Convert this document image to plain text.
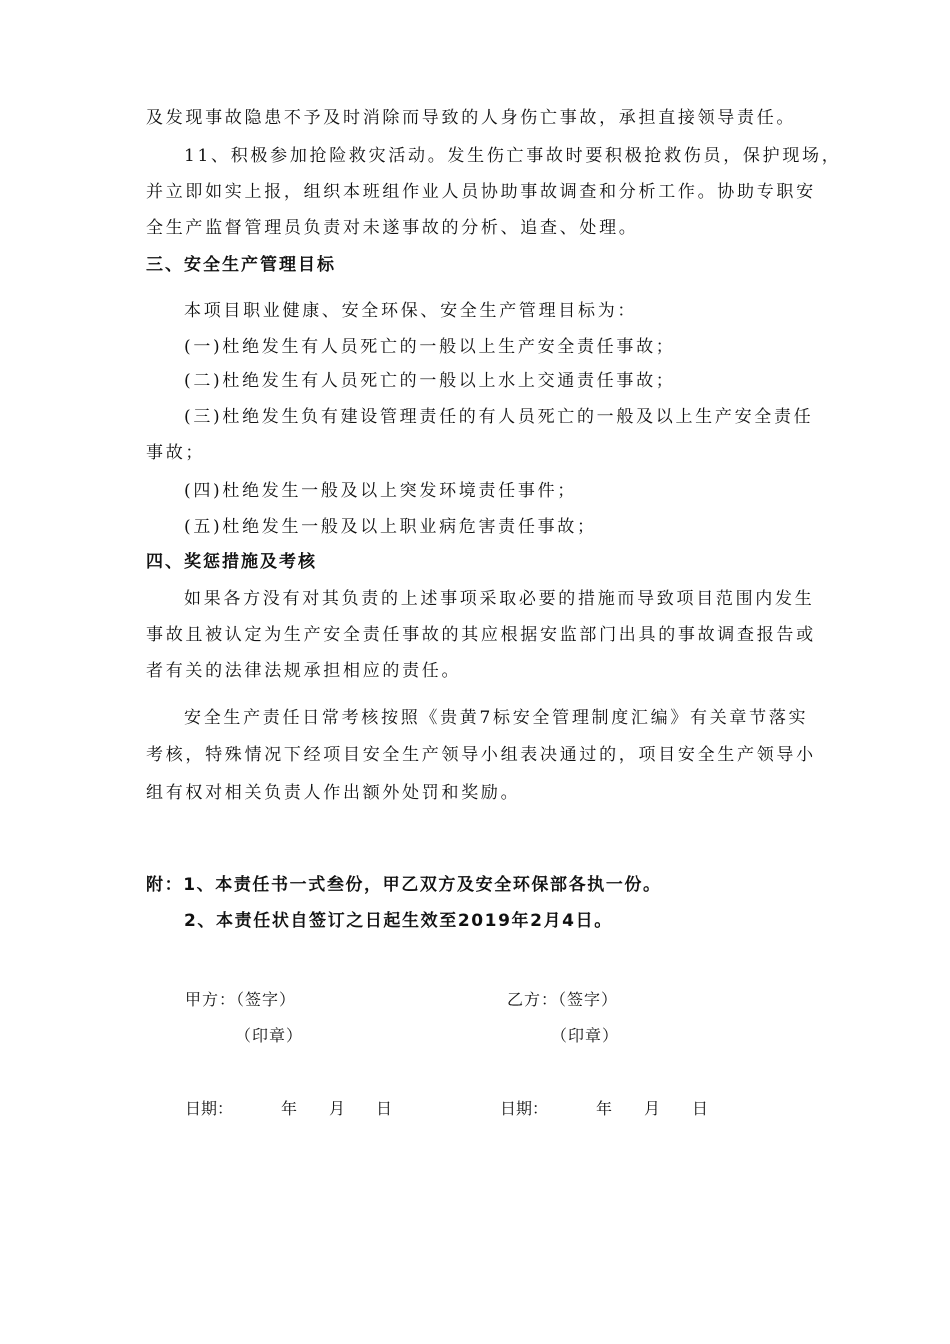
及发现事故隐患不予及时消除而导致的人身伤亡事故，承担直接领导责任。
11、积极参加抢险救灾活动。发生伤亡事故时要积极抢救伤员，保护现场，
并立即如实上报，组织本班组作业人员协助事故调查和分析工作。协助专职安
全生产监督管理员负责对未遂事故的分析、追查、处理。
三、安全生产管理目标
本项目职业健康、安全环保、安全生产管理目标为：
(一)杜绝发生有人员死亡的一般以上生产安全责任事故；
(二)杜绝发生有人员死亡的一般以上水上交通责任事故；
(三)杜绝发生负有建设管理责任的有人员死亡的一般及以上生产安全责任
事故；
(四)杜绝发生一般及以上突发环境责任事件；
(五)杜绝发生一般及以上职业病危害责任事故；
四、奖惩措施及考核
如果各方没有对其负责的上述事项采取必要的措施而导致项目范围内发生
事故且被认定为生产安全责任事故的其应根据安监部门出具的事故调查报告或
者有关的法律法规承担相应的责任。
安全生产责任日常考核按照《贵黄7标安全管理制度汇编》有关章节落实
考核，特殊情况下经项目安全生产领导小组表决通过的，项目安全生产领导小
组有权对相关负责人作出额外处罚和奖励。
附：1、本责任书一式叁份，甲乙双方及安全环保部各执一份。
2、本责任状自签订之日起生效至2019年2月4日。
甲方：（签字）
（印章）
乙方：（签字）
（印章）
日期：	年 月 日	日期：	年 月 日
